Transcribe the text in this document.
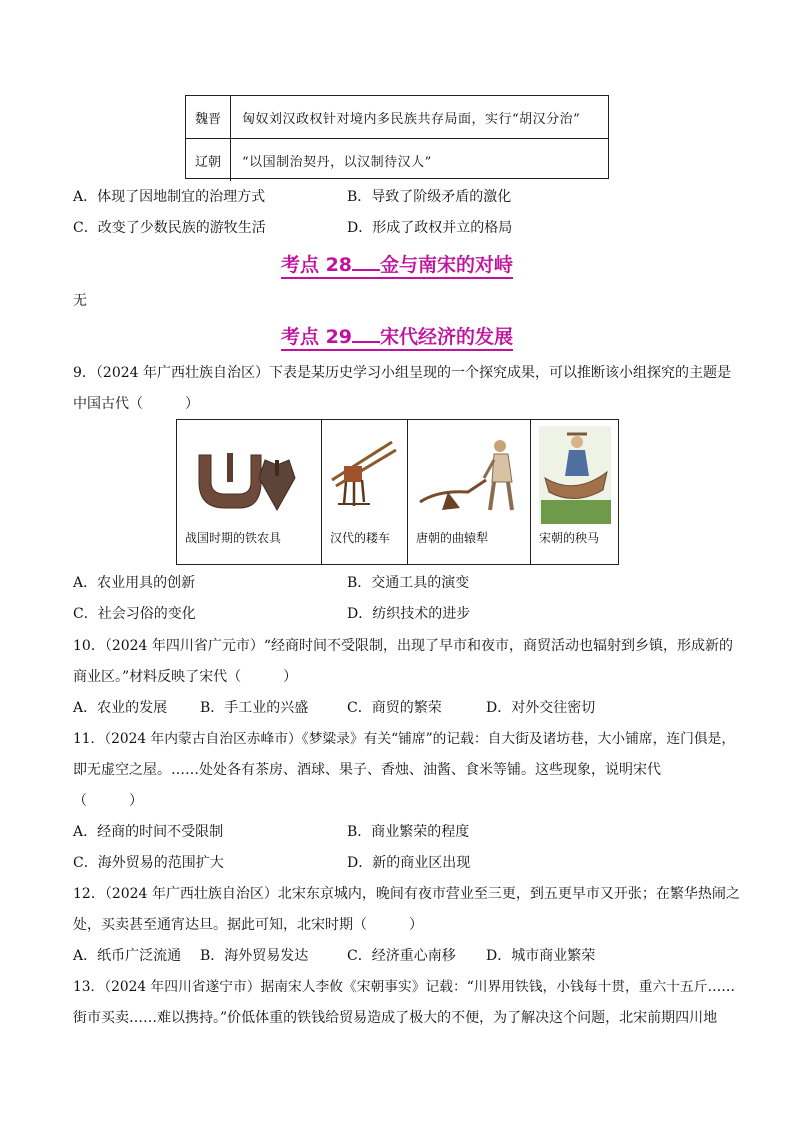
魏晋	匈奴刘汉政权针对境内多民族共存局面，实行“胡汉分治”
辽朝	“以国制治契丹，以汉制待汉人”
A．体现了因地制宜的治理方式	B．导致了阶级矛盾的激化
C．改变了少数民族的游牧生活	D．形成了政权并立的格局
考点 28 金与南宋的对峙
无
考点 29 宋代经济的发展
9．（2024 年广西壮族自治区）下表是某历史学习小组呈现的一个探究成果，可以推断该小组探究的主题是
中国古代（　　　）
战国时期的铁农具	汉代的耧车 唐朝的曲辕犁	宋朝的秧马
A．农业用具的创新	B．交通工具的演变
C．社会习俗的变化	D．纺织技术的进步
10．（2024 年四川省广元市）“经商时间不受限制，出现了早市和夜市，商贸活动也辐射到乡镇，形成新的
商业区。”材料反映了宋代（　　　）
A．农业的发展 B．手工业的兴盛	C．商贸的繁荣	D．对外交往密切
11．（2024 年内蒙古自治区赤峰市）《梦粱录》有关“铺席”的记载：自大街及诸坊巷，大小铺席，连门俱是，
即无虚空之屋。……处处各有茶房、酒球、果子、香烛、油酱、食米等铺。这些现象，说明宋代
（　　　）
A．经商的时间不受限制	B．商业繁荣的程度
C．海外贸易的范围扩大	D．新的商业区出现
12．（2024 年广西壮族自治区）北宋东京城内，晚间有夜市营业至三更，到五更早市又开张；在繁华热闹之
处，买卖甚至通宵达旦。据此可知，北宋时期（　　　）
A．纸币广泛流通 B．海外贸易发达	C．经济重心南移 D．城市商业繁荣
13．（2024 年四川省遂宁市）据南宋人李攸《宋朝事实》记载：“川界用铁钱，小钱每十贯，重六十五斤……
街市买卖……难以携持。”价低体重的铁钱给贸易造成了极大的不便，为了解决这个问题，北宋前期四川地
